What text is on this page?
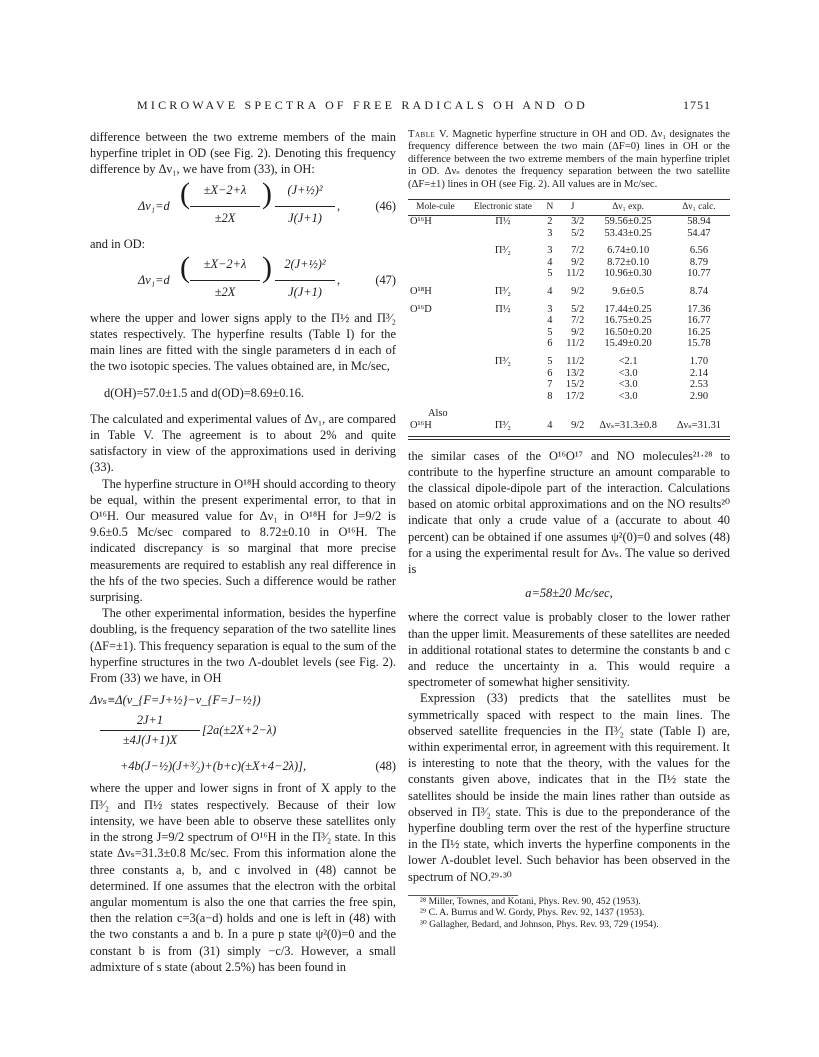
MICROWAVE SPECTRA OF FREE RADICALS OH AND OD	1751

difference between the two extreme members of the main hyperfine triplet in OD (see Fig. 2). Denoting this frequency difference by Δν₁, we have from (33), in OH:

Δν₁=d (	±X−2+λ
±2X
)	(J+½)²
J(J+1)
,	(46)

and in OD:

Δν₁=d (	±X−2+λ
±2X
) 2(J+½)²
J(J+1)
,	(47)

where the upper and lower signs apply to the Π½ and Π³⁄₂ states respectively. The hyperfine results (Table I) for the main lines are fitted with the single parameters d in each of the two isotopic species. The values obtained are, in Mc/sec,

d(OH)=57.0±1.5 and d(OD)=8.69±0.16.

The calculated and experimental values of Δν₁, are compared in Table V. The agreement is to about 2% and quite satisfactory in view of the approximations used in deriving (33).

The hyperfine structure in O¹⁸H should according to theory be equal, within the present experimental error, to that in O¹⁶H. Our measured value for Δν₁ in O¹⁸H for J=9/2 is 9.6±0.5 Mc/sec compared to 8.72±0.10 in O¹⁶H. The indicated discrepancy is so marginal that more precise measurements are required to establish any real difference in the hfs of the two species. Such a difference would be rather surprising.

The other experimental information, besides the hyperfine doubling, is the frequency separation of the two satellite lines (ΔF=±1). This frequency separation is equal to the sum of the hyperfine structures in the two Λ-doublet levels (see Fig. 2). From (33) we have, in OH

Δνₛ≡Δ(ν_{F=J+½}−ν_{F=J−½})
2J+1
±4J(J+1)X
[2a(±2X+2−λ)
+4b(J−½)(J+³⁄₂)+(b+c)(±X+4−2λ)],	(48)

where the upper and lower signs in front of X apply to the Π³⁄₂ and Π½ states respectively. Because of their low intensity, we have been able to observe these satellites only in the strong J=9/2 spectrum of O¹⁶H in the Π³⁄₂ state. In this state Δνₛ=31.3±0.8 Mc/sec. From this information alone the three constants a, b, and c involved in (48) cannot be determined. If one assumes that the electron with the orbital angular momentum is also the one that carries the free spin, then the relation c=3(a−d) holds and one is left in (48) with the two constants a and b. In a pure p state ψ²(0)=0 and the constant b is from (31) simply −c/3. However, a small admixture of s state (about 2.5%) has been found in

Table V. Magnetic hyperfine structure in OH and OD. Δν₁ designates the frequency difference between the two main (ΔF=0) lines in OH or the difference between the two extreme members of the main hyperfine triplet in OD. Δνₛ denotes the frequency separation between the two satellite (ΔF=±1) lines in OH (see Fig. 2). All values are in Mc/sec.

Mole-cule	Electronic state	N	J	Δν₁ exp.	Δν₁ calc.
O¹⁶H	Π½	2	3/2	59.56±0.25	58.94
		3	5/2	53.43±0.25	54.47
	Π³⁄₂	3	7/2	6.74±0.10	6.56
		4	9/2	8.72±0.10	8.79
		5	11/2	10.96±0.30	10.77
O¹⁸H	Π³⁄₂	4	9/2	9.6±0.5	8.74
O¹⁶D	Π½	3	5/2	17.44±0.25	17.36
		4	7/2	16.75±0.25	16.77
		5	9/2	16.50±0.20	16.25
		6	11/2	15.49±0.20	15.78
	Π³⁄₂	5	11/2	<2.1	1.70
		6	13/2	<3.0	2.14
		7	15/2	<3.0	2.53
		8	17/2	<3.0	2.90
Also					
O¹⁶H	Π³⁄₂	4	9/2	Δνₛ=31.3±0.8	Δνₛ=31.31

the similar cases of the O¹⁶O¹⁷ and NO molecules²¹·²⁸ to contribute to the hyperfine structure an amount comparable to the classical dipole-dipole part of the interaction. Calculations based on atomic orbital approximations and on the NO results²⁰ indicate that only a crude value of a (accurate to about 40 percent) can be obtained if one assumes ψ²(0)=0 and solves (48) for a using the experimental result for Δνₛ. The value so derived is

a=58±20 Mc/sec,

where the correct value is probably closer to the lower rather than the upper limit. Measurements of these satellites are needed in additional rotational states to determine the constants b and c and reduce the uncertainty in a. This would require a spectrometer of somewhat higher sensitivity.

Expression (33) predicts that the satellites must be symmetrically spaced with respect to the main lines. The observed satellite frequencies in the Π³⁄₂ state (Table I) are, within experimental error, in agreement with this requirement. It is interesting to note that the theory, with the values for the constants given above, indicates that in the Π½ state the satellites should be inside the main lines rather than outside as observed in Π³⁄₂ state. This is due to the preponderance of the hyperfine doubling term over the rest of the hyperfine structure in the Π½ state, which inverts the hyperfine components in the lower Λ-doublet level. Such behavior has been observed in the spectrum of NO.²⁹·³⁰

²⁸ Miller, Townes, and Kotani, Phys. Rev. 90, 452 (1953).
²⁹ C. A. Burrus and W. Gordy, Phys. Rev. 92, 1437 (1953).
³⁰ Gallagher, Bedard, and Johnson, Phys. Rev. 93, 729 (1954).
